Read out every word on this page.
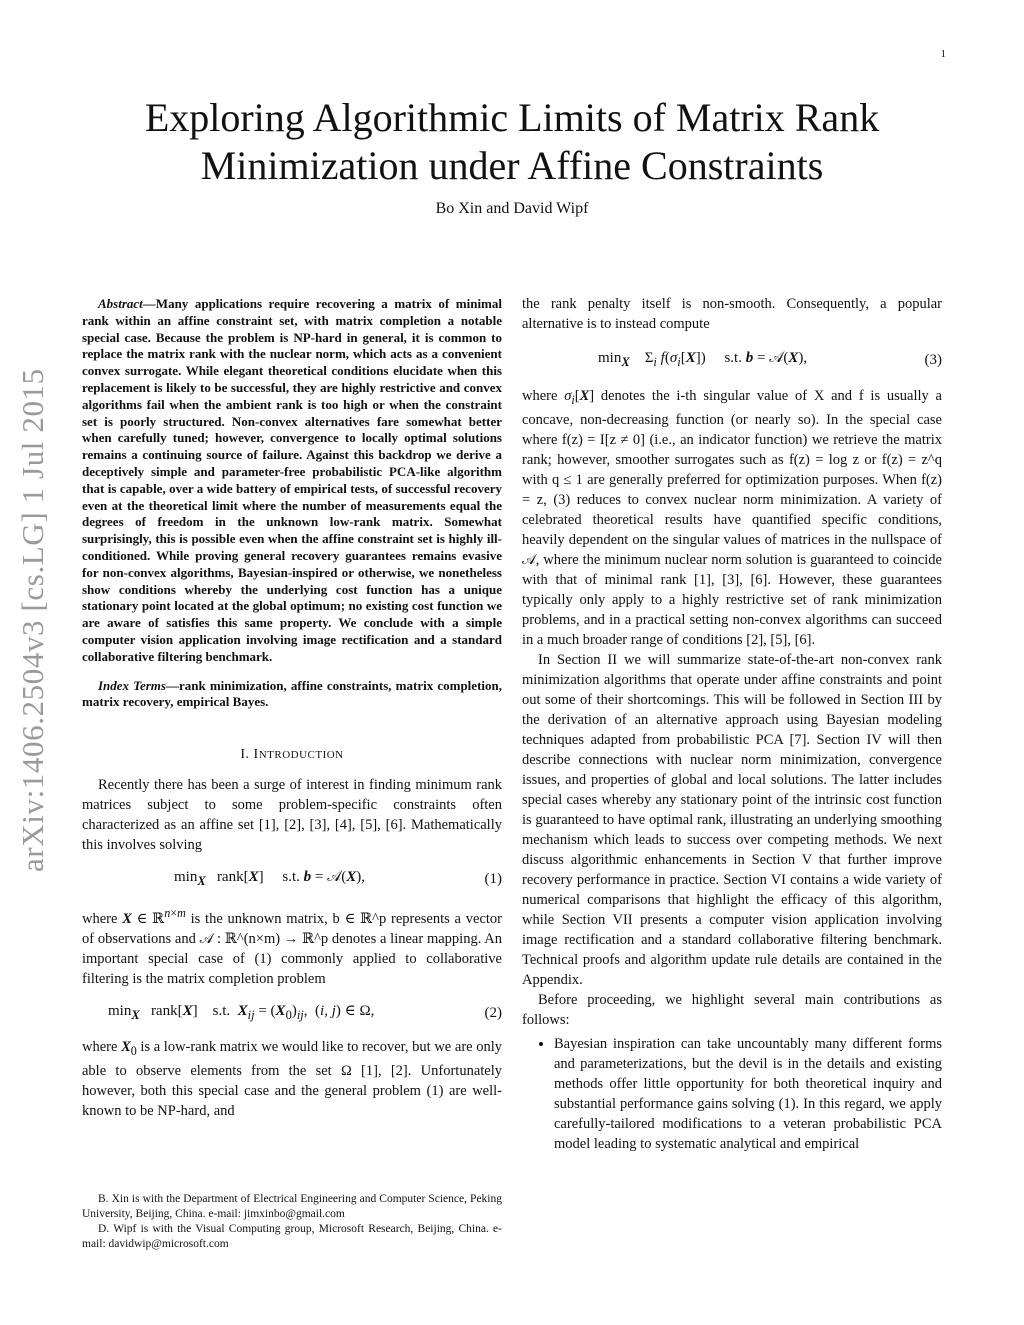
1
Exploring Algorithmic Limits of Matrix Rank
Minimization under Affine Constraints
Bo Xin and David Wipf
arXiv:1406.2504v3 [cs.LG] 1 Jul 2015

Abstract—Many applications require recovering a matrix of minimal rank within an affine constraint set, with matrix completion a notable special case. Because the problem is NP-hard in general, it is common to replace the matrix rank with the nuclear norm, which acts as a convenient convex surrogate. While elegant theoretical conditions elucidate when this replacement is likely to be successful, they are highly restrictive and convex algorithms fail when the ambient rank is too high or when the constraint set is poorly structured. Non-convex alternatives fare somewhat better when carefully tuned; however, convergence to locally optimal solutions remains a continuing source of failure. Against this backdrop we derive a deceptively simple and parameter-free probabilistic PCA-like algorithm that is capable, over a wide battery of empirical tests, of successful recovery even at the theoretical limit where the number of measurements equal the degrees of freedom in the unknown low-rank matrix. Somewhat surprisingly, this is possible even when the affine constraint set is highly ill-conditioned. While proving general recovery guarantees remains evasive for non-convex algorithms, Bayesian-inspired or otherwise, we nonetheless show conditions whereby the underlying cost function has a unique stationary point located at the global optimum; no existing cost function we are aware of satisfies this same property. We conclude with a simple computer vision application involving image rectification and a standard collaborative filtering benchmark.

Index Terms—rank minimization, affine constraints, matrix completion, matrix recovery, empirical Bayes.

I. INTRODUCTION

Recently there has been a surge of interest in finding minimum rank matrices subject to some problem-specific constraints often characterized as an affine set [1], [2], [3], [4], [5], [6]. Mathematically this involves solving

$\min_X$   rank[X]     s.t. b = 𝒜(X),	(1)

where X ∈ ℝ$^{n\times m}$ is the unknown matrix, b ∈ ℝ^p represents a vector of observations and 𝒜 : ℝ^(n×m) → ℝ^p denotes a linear mapping. An important special case of (1) commonly applied to collaborative filtering is the matrix completion problem

$\min_X$   rank[X]    s.t.  $X_{ij} = (X_0)_{ij}$,  (i, j) ∈ Ω,	(2)

where $X_0$ is a low-rank matrix we would like to recover, but we are only able to observe elements from the set Ω [1], [2]. Unfortunately however, both this special case and the general problem (1) are well-known to be NP-hard, and

B. Xin is with the Department of Electrical Engineering and Computer Science, Peking University, Beijing, China. e-mail: jimxinbo@gmail.com

D. Wipf is with the Visual Computing group, Microsoft Research, Beijing, China. e-mail: davidwip@microsoft.com

the rank penalty itself is non-smooth. Consequently, a popular alternative is to instead compute

$\min_X$    $\Sigma_i$ $f(\sigma_i[X])$     s.t. b = 𝒜(X),	(3)

where $\sigma_i[X]$ denotes the i-th singular value of X and f is usually a concave, non-decreasing function (or nearly so). In the special case where f(z) = I[z ≠ 0] (i.e., an indicator function) we retrieve the matrix rank; however, smoother surrogates such as f(z) = log z or f(z) = z^q with q ≤ 1 are generally preferred for optimization purposes. When f(z) = z, (3) reduces to convex nuclear norm minimization. A variety of celebrated theoretical results have quantified specific conditions, heavily dependent on the singular values of matrices in the nullspace of 𝒜, where the minimum nuclear norm solution is guaranteed to coincide with that of minimal rank [1], [3], [6]. However, these guarantees typically only apply to a highly restrictive set of rank minimization problems, and in a practical setting non-convex algorithms can succeed in a much broader range of conditions [2], [5], [6].

In Section II we will summarize state-of-the-art non-convex rank minimization algorithms that operate under affine constraints and point out some of their shortcomings. This will be followed in Section III by the derivation of an alternative approach using Bayesian modeling techniques adapted from probabilistic PCA [7]. Section IV will then describe connections with nuclear norm minimization, convergence issues, and properties of global and local solutions. The latter includes special cases whereby any stationary point of the intrinsic cost function is guaranteed to have optimal rank, illustrating an underlying smoothing mechanism which leads to success over competing methods. We next discuss algorithmic enhancements in Section V that further improve recovery performance in practice. Section VI contains a wide variety of numerical comparisons that highlight the efficacy of this algorithm, while Section VII presents a computer vision application involving image rectification and a standard collaborative filtering benchmark. Technical proofs and algorithm update rule details are contained in the Appendix.

Before proceeding, we highlight several main contributions as follows:

• Bayesian inspiration can take uncountably many different forms and parameterizations, but the devil is in the details and existing methods offer little opportunity for both theoretical inquiry and substantial performance gains solving (1). In this regard, we apply carefully-tailored modifications to a veteran probabilistic PCA model leading to systematic analytical and empirical
